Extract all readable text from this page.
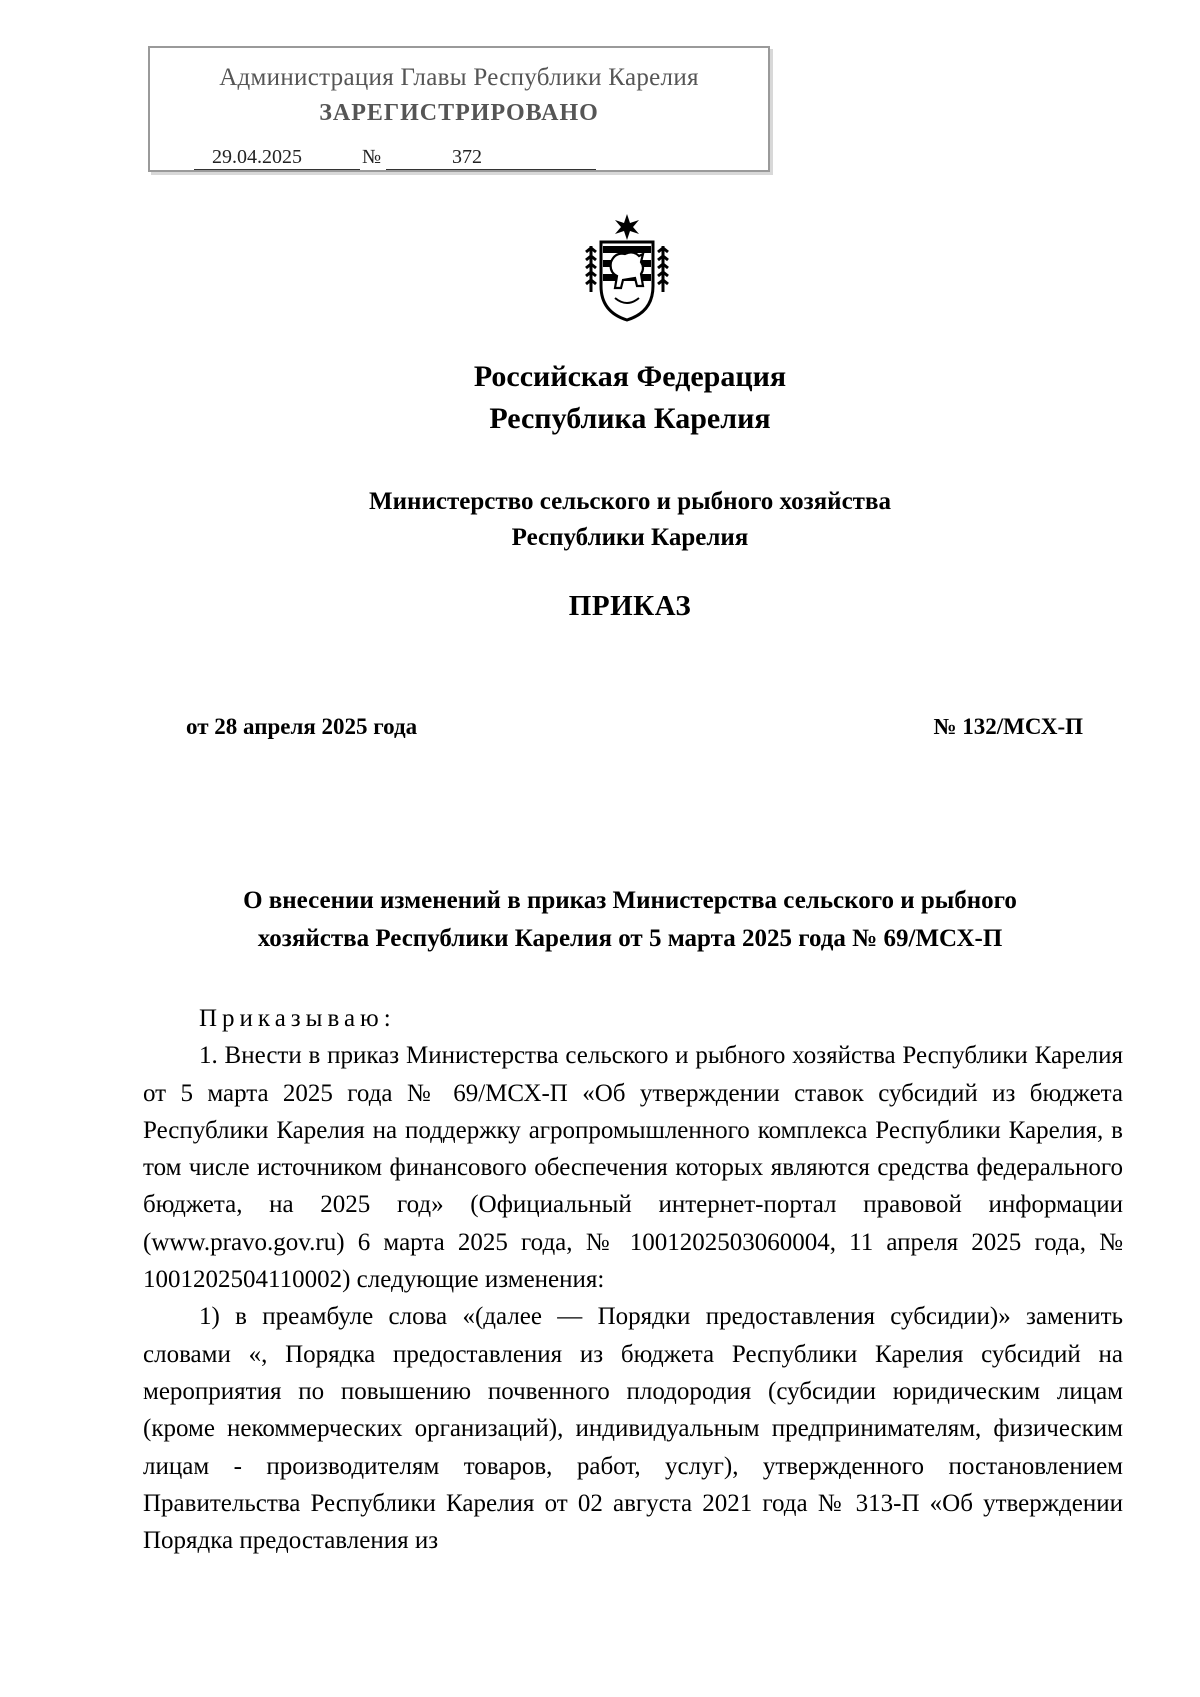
Администрация Главы Республики Карелия
ЗАРЕГИСТРИРОВАНО
29.04.2025	№	372
Российская Федерация
Республика Карелия
Министерство сельского и рыбного хозяйства
Республики Карелия
ПРИКАЗ
от 28 апреля 2025 года	№ 132/МСХ-П
О внесении изменений в приказ Министерства сельского и рыбного
хозяйства Республики Карелия от 5 марта 2025 года № 69/МСХ-П

Приказываю:

1. Внести в приказ Министерства сельского и рыбного хозяйства Республики Карелия от 5 марта 2025 года № 69/МСХ-П «Об утверждении ставок субсидий из бюджета Республики Карелия на поддержку агропромышленного комплекса Республики Карелия, в том числе источником финансового обеспечения которых являются средства федерального бюджета, на 2025 год» (Официальный интернет-портал правовой информации (www.pravo.gov.ru) 6 марта 2025 года, № 1001202503060004, 11 апреля 2025 года, № 1001202504110002) следующие изменения:

1) в преамбуле слова «(далее — Порядки предоставления субсидии)» заменить словами «, Порядка предоставления из бюджета Республики Карелия субсидий на мероприятия по повышению почвенного плодородия (субсидии юридическим лицам (кроме некоммерческих организаций), индивидуальным предпринимателям, физическим лицам - производителям товаров, работ, услуг), утвержденного постановлением Правительства Республики Карелия от 02 августа 2021 года № 313-П «Об утверждении Порядка предоставления из
